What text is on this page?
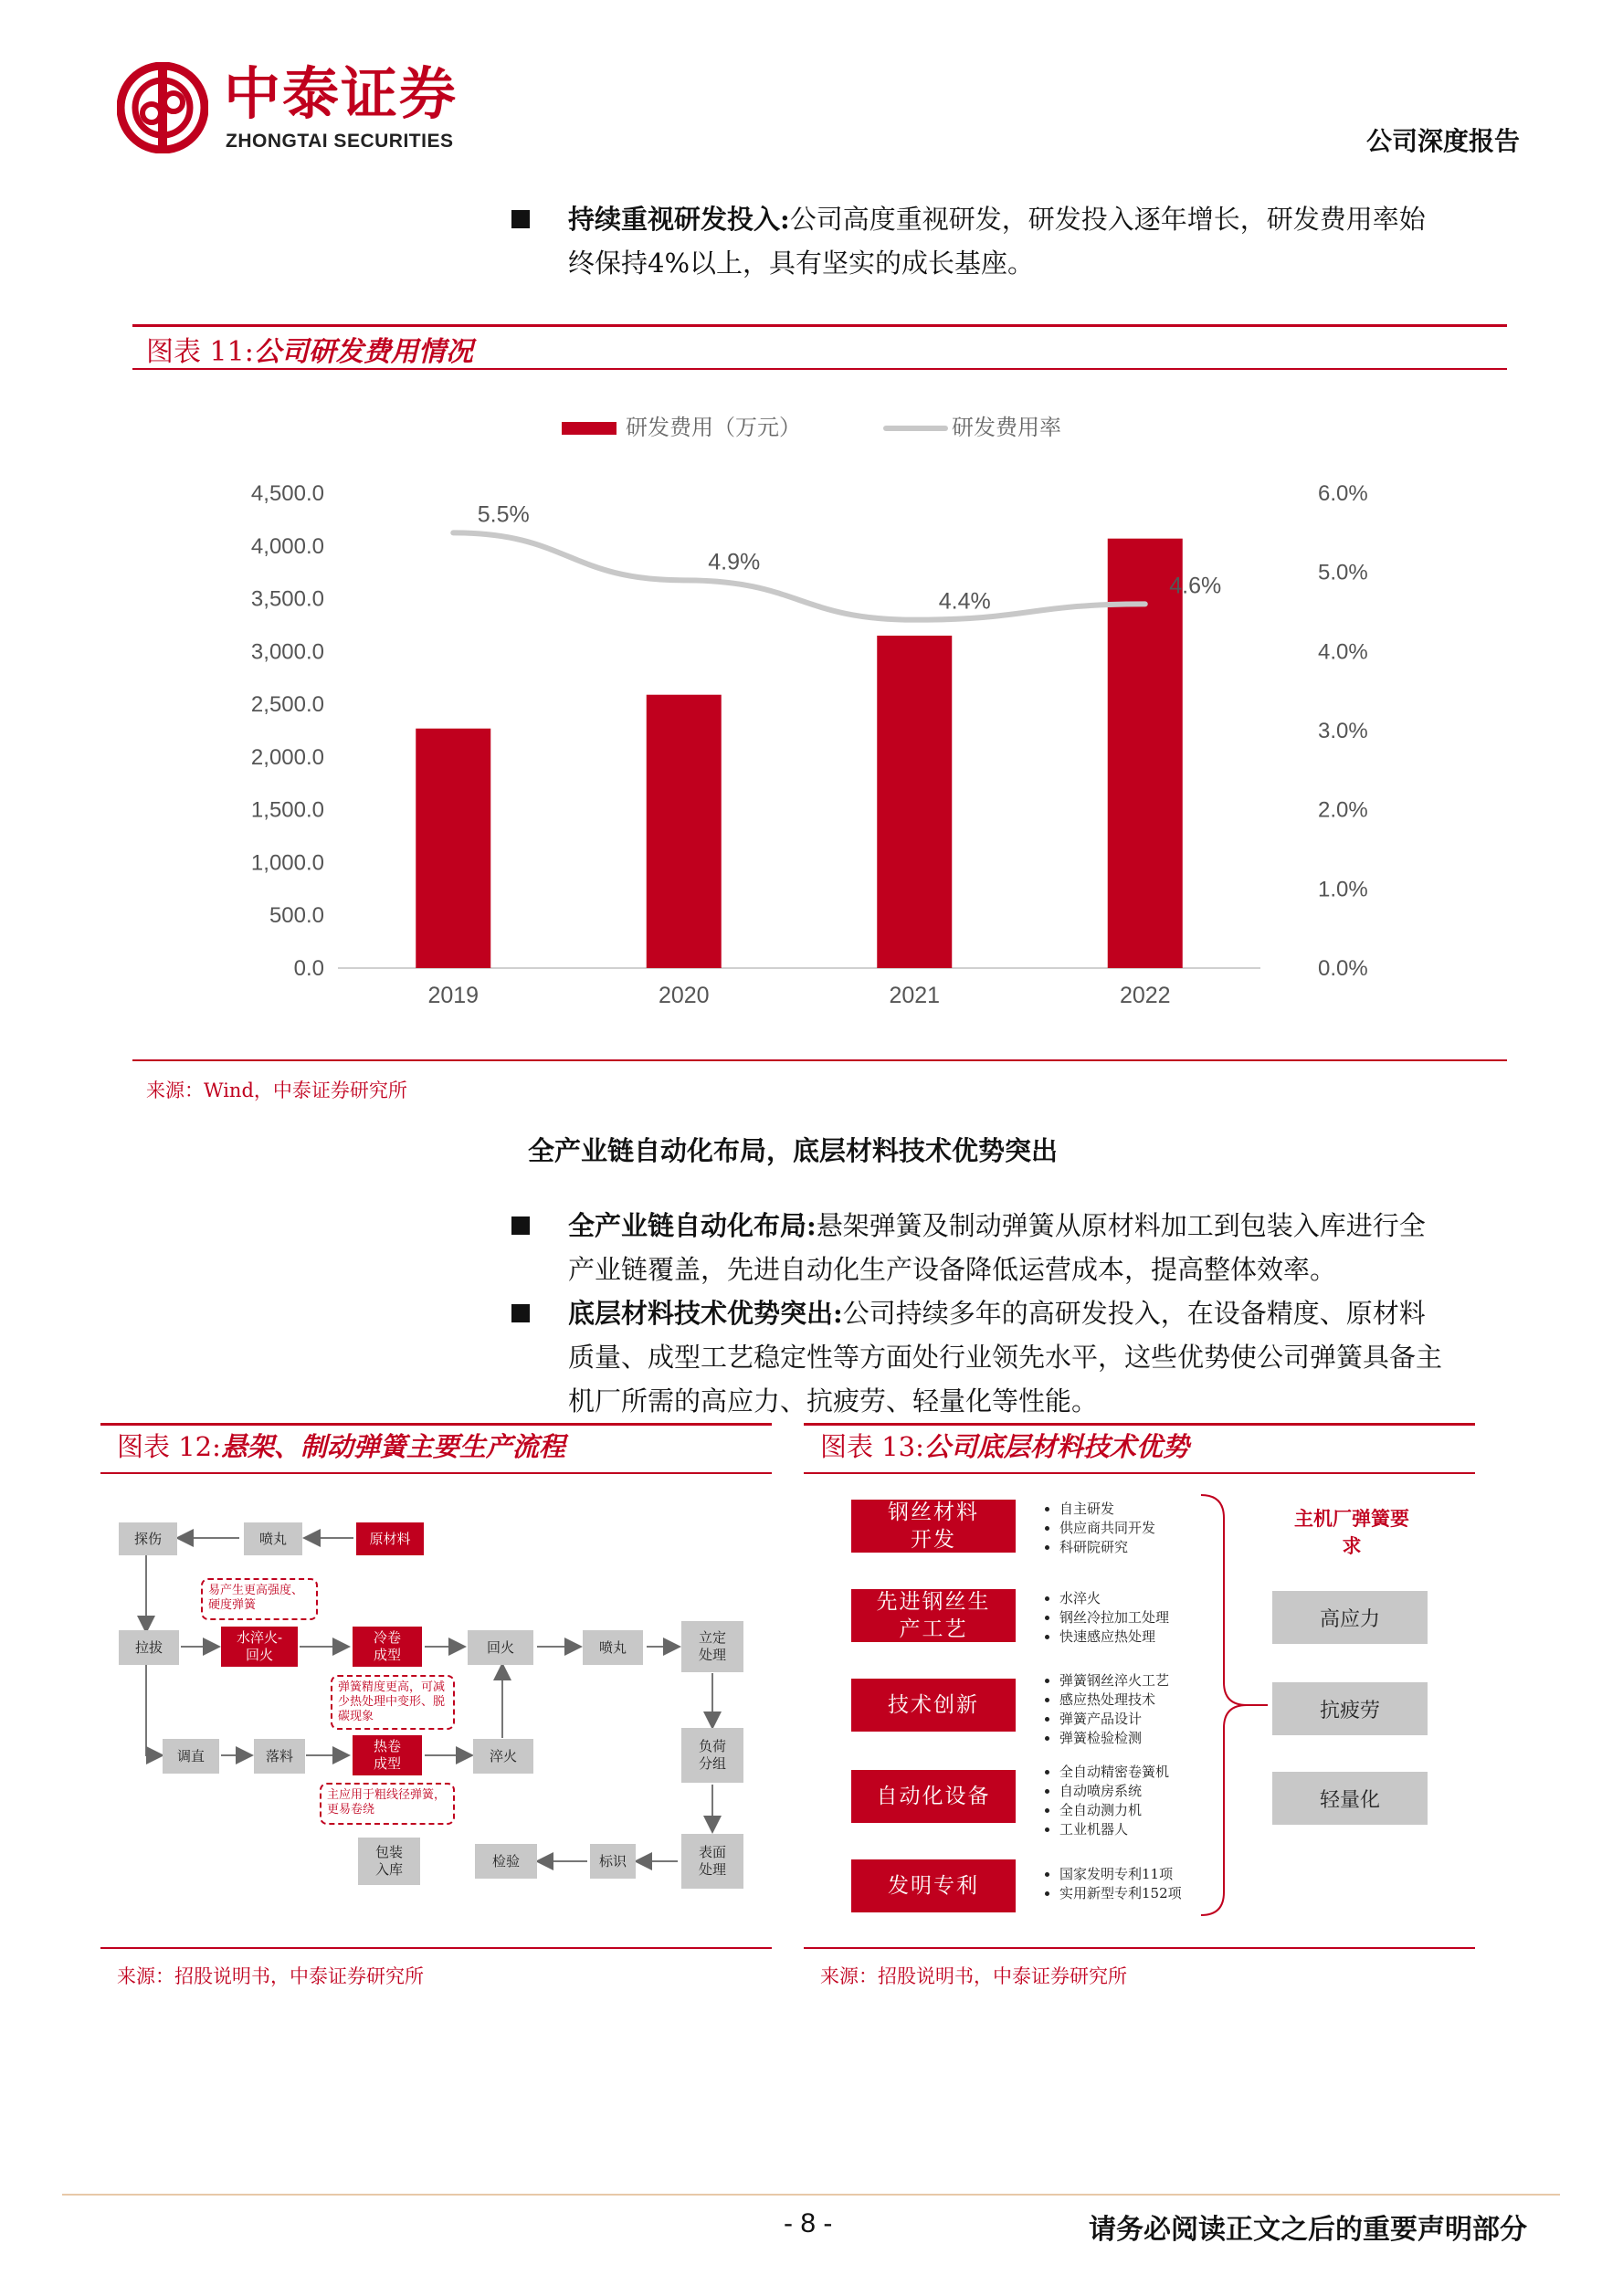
中泰证券
ZHONGTAI SECURITIES	公司深度报告
持续重视研发投入:公司高度重视研发，研发投入逐年增长，研发费用率始
终保持4%以上，具有坚实的成长基座。
图表 11:公司研发费用情况
研发费用（万元）	研发费用率
0.0
500.0
1,000.0
1,500.0
2,000.0
2,500.0
3,000.0
3,500.0
4,000.0
4,500.0
0.0%
1.0%
2.0%
3.0%
4.0%
5.0%
6.0%
2019	2020	2021	2022
5.5%
4.9%
4.4%
4.6%
来源：Wind，中泰证券研究所
全产业链自动化布局，底层材料技术优势突出
全产业链自动化布局:悬架弹簧及制动弹簧从原材料加工到包装入库进行全
产业链覆盖，先进自动化生产设备降低运营成本，提高整体效率。
底层材料技术优势突出:公司持续多年的高研发投入，在设备精度、原材料
质量、成型工艺稳定性等方面处行业领先水平，这些优势使公司弹簧具备主
机厂所需的高应力、抗疲劳、轻量化等性能。
图表 12:悬架、制动弹簧主要生产流程
探伤	喷丸	原材料
易产生更高强度、硬度弹簧
拉拔
水淬火-回火
冷卷成型	回火	喷丸
立定处理
弹簧精度更高，可减少热处理中变形、脱碳现象
调直	落料
热卷成型	淬火
负荷分组
主应用于粗线径弹簧，更易卷绕
包装入库
检验	标识
表面处理
来源：招股说明书，中泰证券研究所
图表 13:公司底层材料技术优势
钢丝材料开发
• 自主研发
• 供应商共同开发
• 科研院研究
先进钢丝生产工艺
• 水淬火
• 钢丝冷拉加工处理
• 快速感应热处理
技术创新
• 弹簧钢丝淬火工艺
• 感应热处理技术
• 弹簧产品设计
• 弹簧检验检测
自动化设备
• 全自动精密卷簧机
• 自动喷房系统
• 全自动测力机
• 工业机器人
发明专利
•	国家发明专利11项
• 实用新型专利152项
主机厂弹簧要求
高应力
抗疲劳
轻量化
来源：招股说明书，中泰证券研究所
- 8 -	请务必阅读正文之后的重要声明部分
